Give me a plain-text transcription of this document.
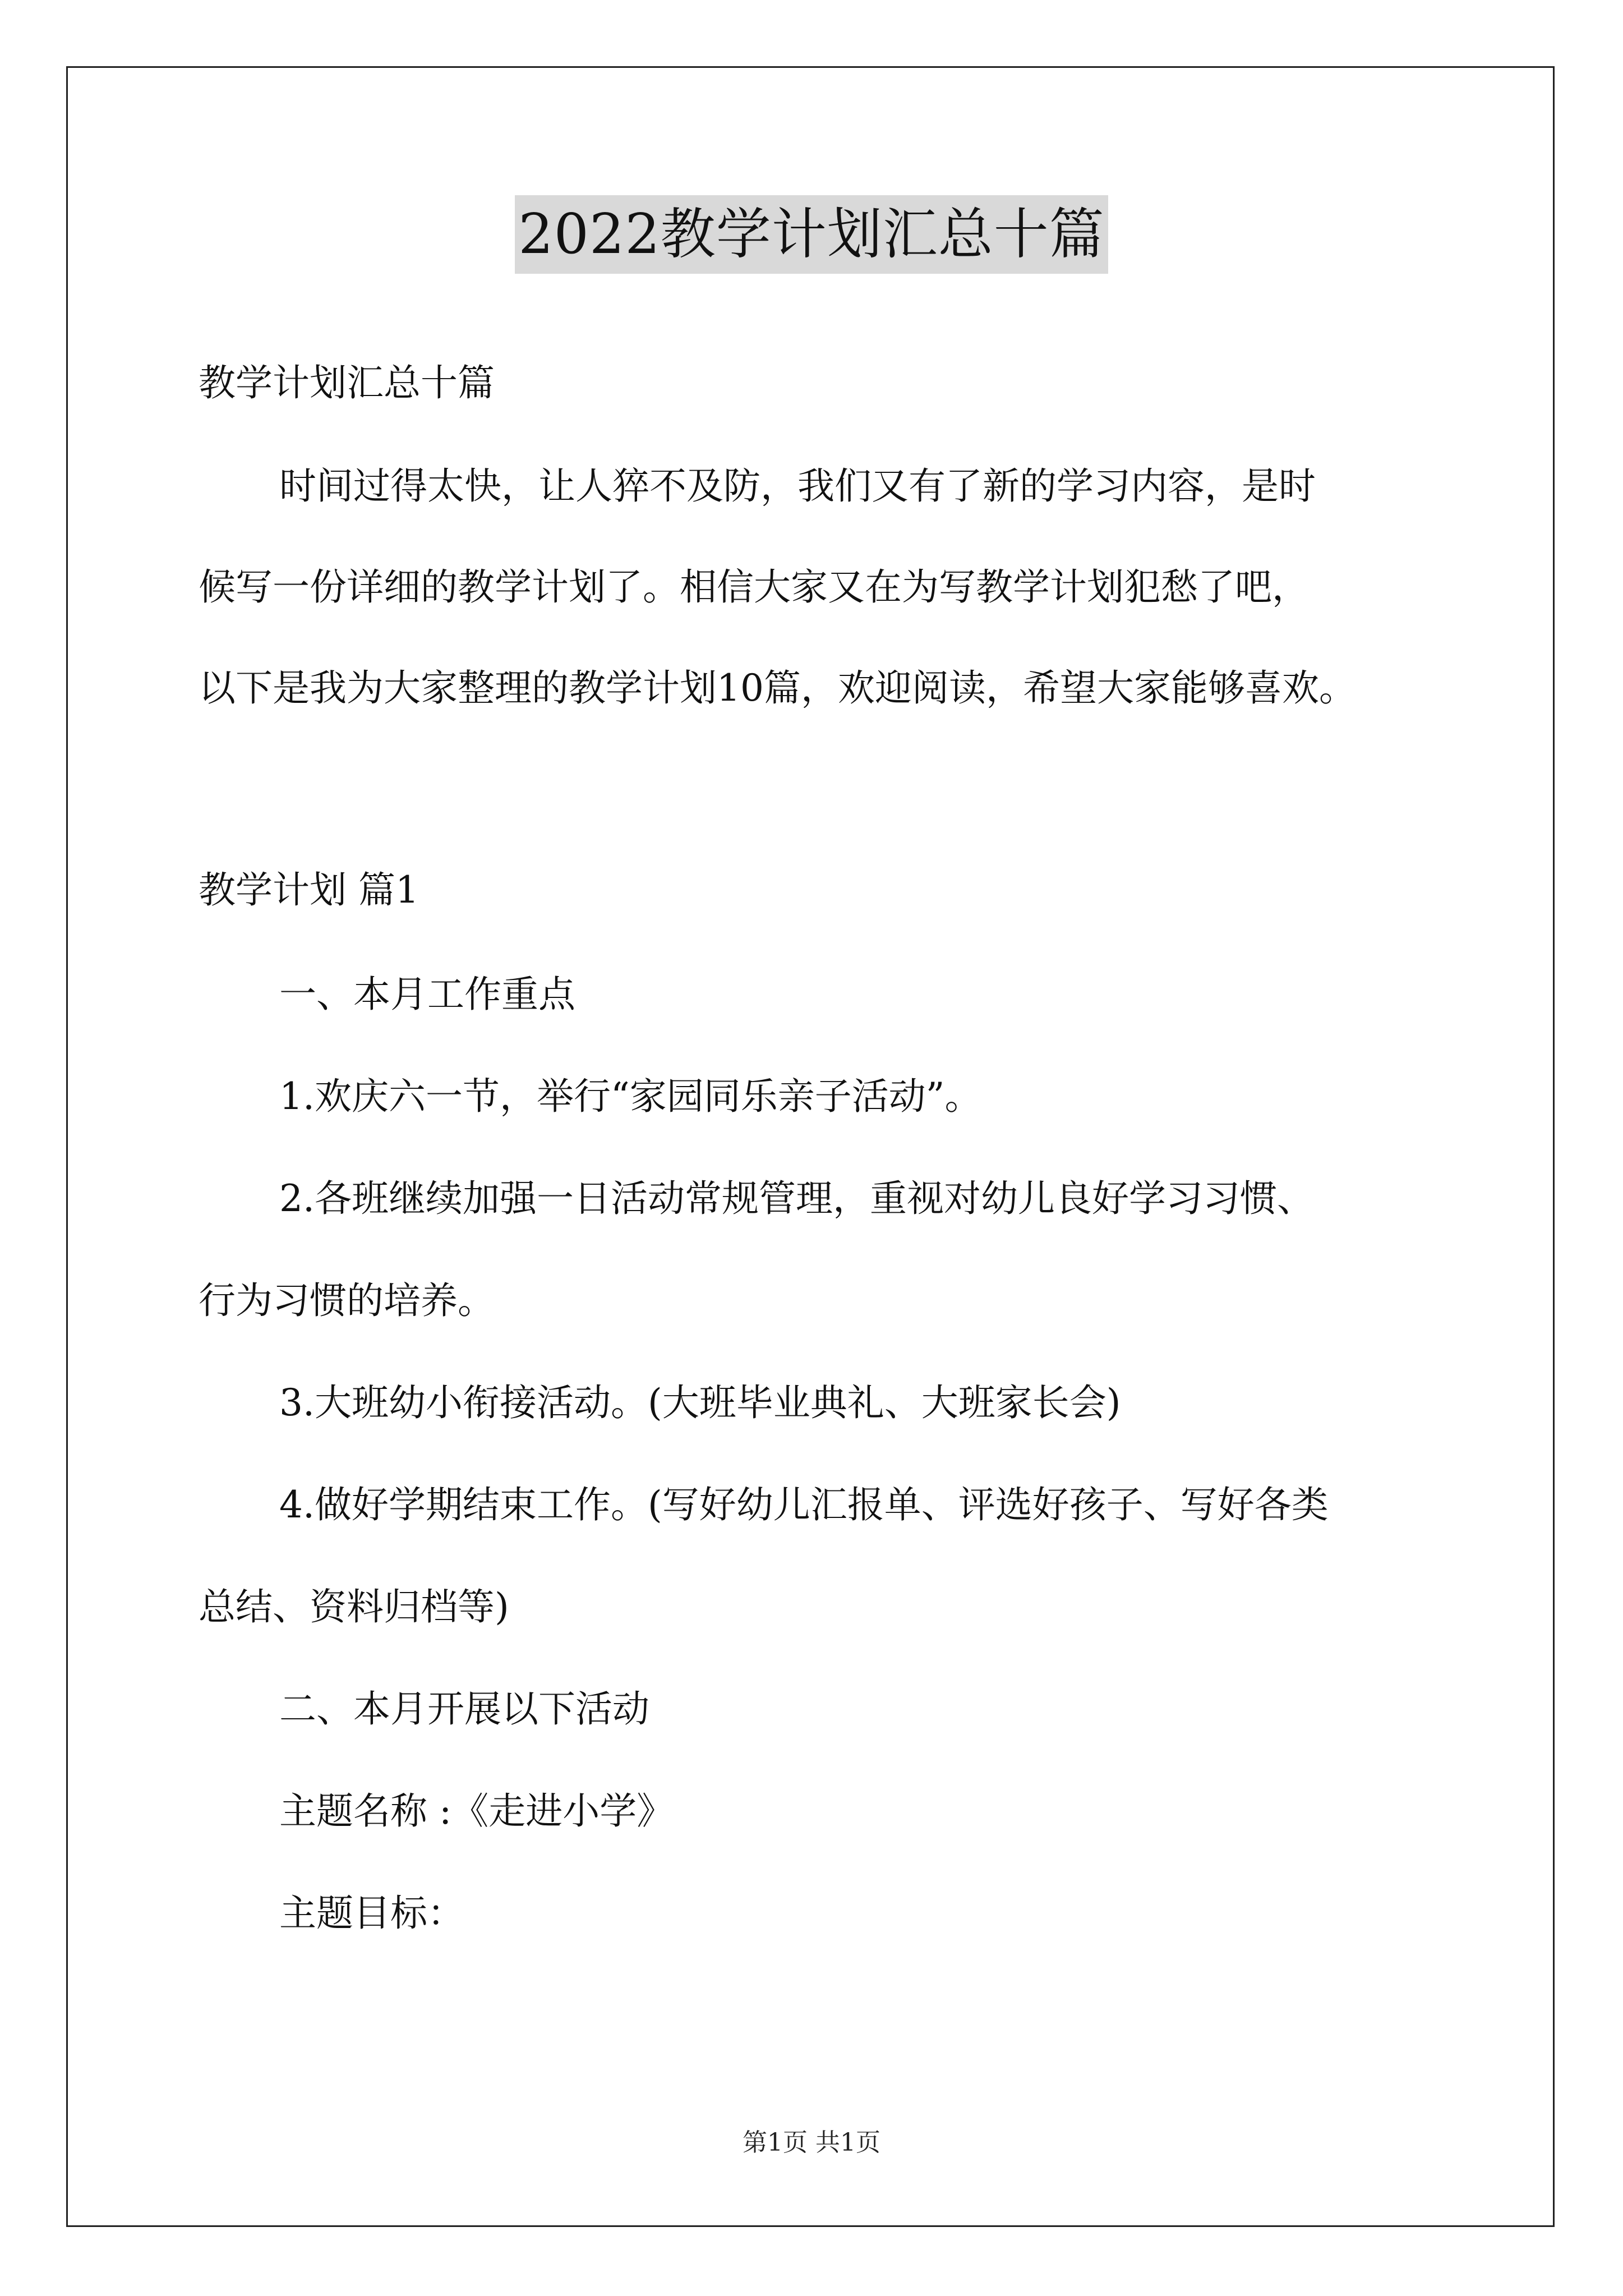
2022教学计划汇总十篇

教学计划汇总十篇

时间过得太快，让人猝不及防，我们又有了新的学习内容，是时

候写一份详细的教学计划了。相信大家又在为写教学计划犯愁了吧，

以下是我为大家整理的教学计划10篇，欢迎阅读，希望大家能够喜欢。

教学计划 篇1

一、本月工作重点

1.欢庆六一节，举行“家园同乐亲子活动”。

2.各班继续加强一日活动常规管理，重视对幼儿良好学习习惯、

行为习惯的培养。

3.大班幼小衔接活动。(大班毕业典礼、大班家长会)

4.做好学期结束工作。(写好幼儿汇报单、评选好孩子、写好各类

总结、资料归档等)

二、本月开展以下活动

主题名称 :《走进小学》

主题目标：

第1页 共1页
